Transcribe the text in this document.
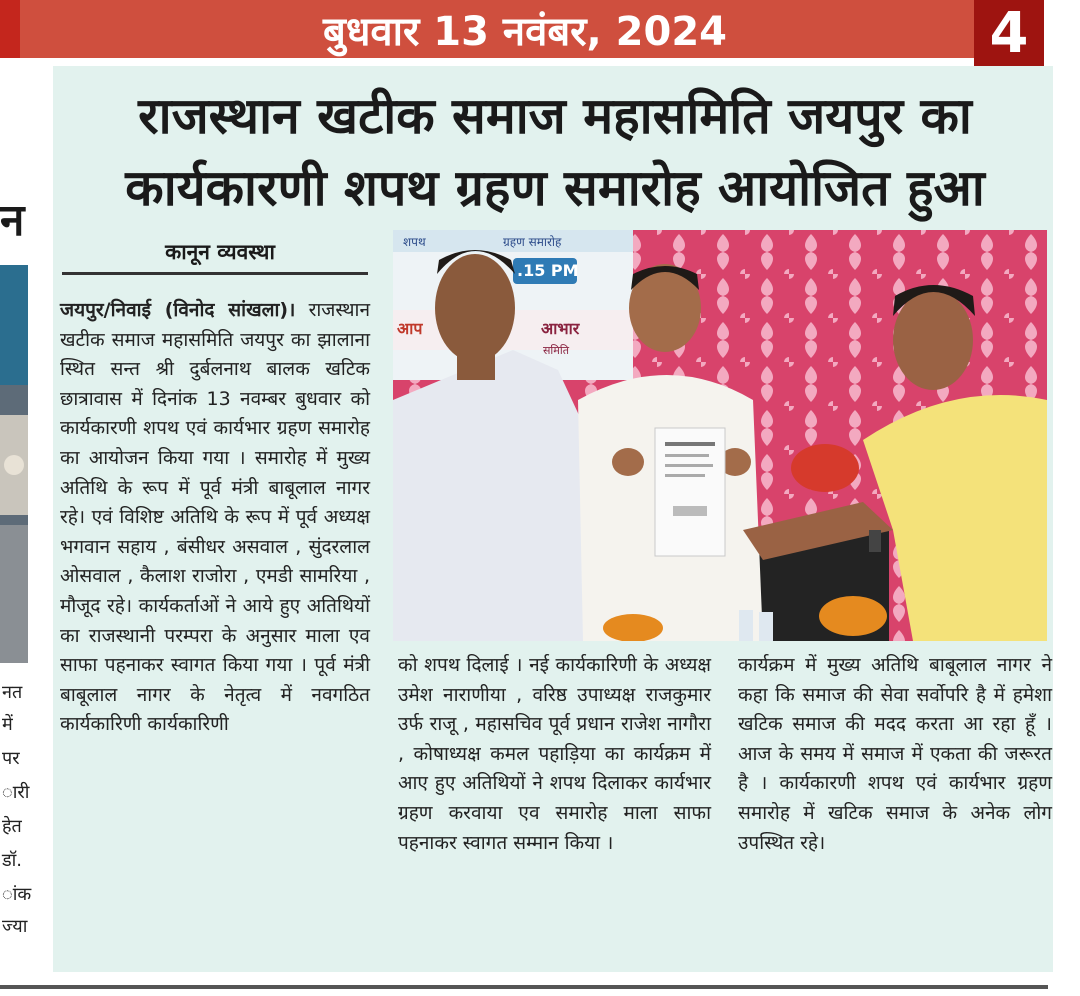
बुधवार 13 नवंबर, 2024	4
न
नत
में
पर
ारी
हेत
डॉ.
ांक
ज्या
राजस्थान खटीक समाज महासमिति जयपुर का
कार्यकारणी शपथ ग्रहण समारोह आयोजित हुआ
कानून व्यवस्था
जयपुर/निवाई (विनोद सांखला)। राजस्थान खटीक समाज महासमिति जयपुर का झालाना स्थित सन्त श्री दुर्बलनाथ बालक खटिक छात्रावास में दिनांक 13 नवम्बर बुधवार को कार्यकारणी शपथ एवं कार्यभार ग्रहण समारोह का आयोजन किया गया । समारोह में मुख्य अतिथि के रूप में पूर्व मंत्री बाबूलाल नागर रहे। एवं विशिष्ट अतिथि के रूप में पूर्व अध्यक्ष भगवान सहाय , बंसीधर असवाल , सुंदरलाल ओसवाल , कैलाश राजोरा , एमडी सामरिया , मौजूद रहे। कार्यकर्ताओं ने आये हुए अतिथियों का राजस्थानी परम्परा के अनुसार माला एव साफा पहनाकर स्वागत किया गया । पूर्व मंत्री बाबूलाल नागर के नेतृत्व में नवगठित कार्यकारिणी कार्यकारिणी
शपथ	ग्रहण समारोह
.15 PM
आभार
समिति
आप
को शपथ दिलाई । नई कार्यकारिणी के अध्यक्ष उमेश नाराणीया , वरिष्ठ उपाध्यक्ष राजकुमार उर्फ राजू , महासचिव पूर्व प्रधान राजेश नागौरा , कोषाध्यक्ष कमल पहाड़िया का कार्यक्रम में आए हुए अतिथियों ने शपथ दिलाकर कार्यभार ग्रहण करवाया एव समारोह माला साफा पहनाकर स्वागत सम्मान किया ।
कार्यक्रम में मुख्य अतिथि बाबूलाल नागर ने कहा कि समाज की सेवा सर्वोपरि है में हमेशा खटिक समाज की मदद करता आ रहा हूँ । आज के समय में समाज में एकता की जरूरत है । कार्यकारणी शपथ एवं कार्यभार ग्रहण समारोह में खटिक समाज के अनेक लोग उपस्थित रहे।
